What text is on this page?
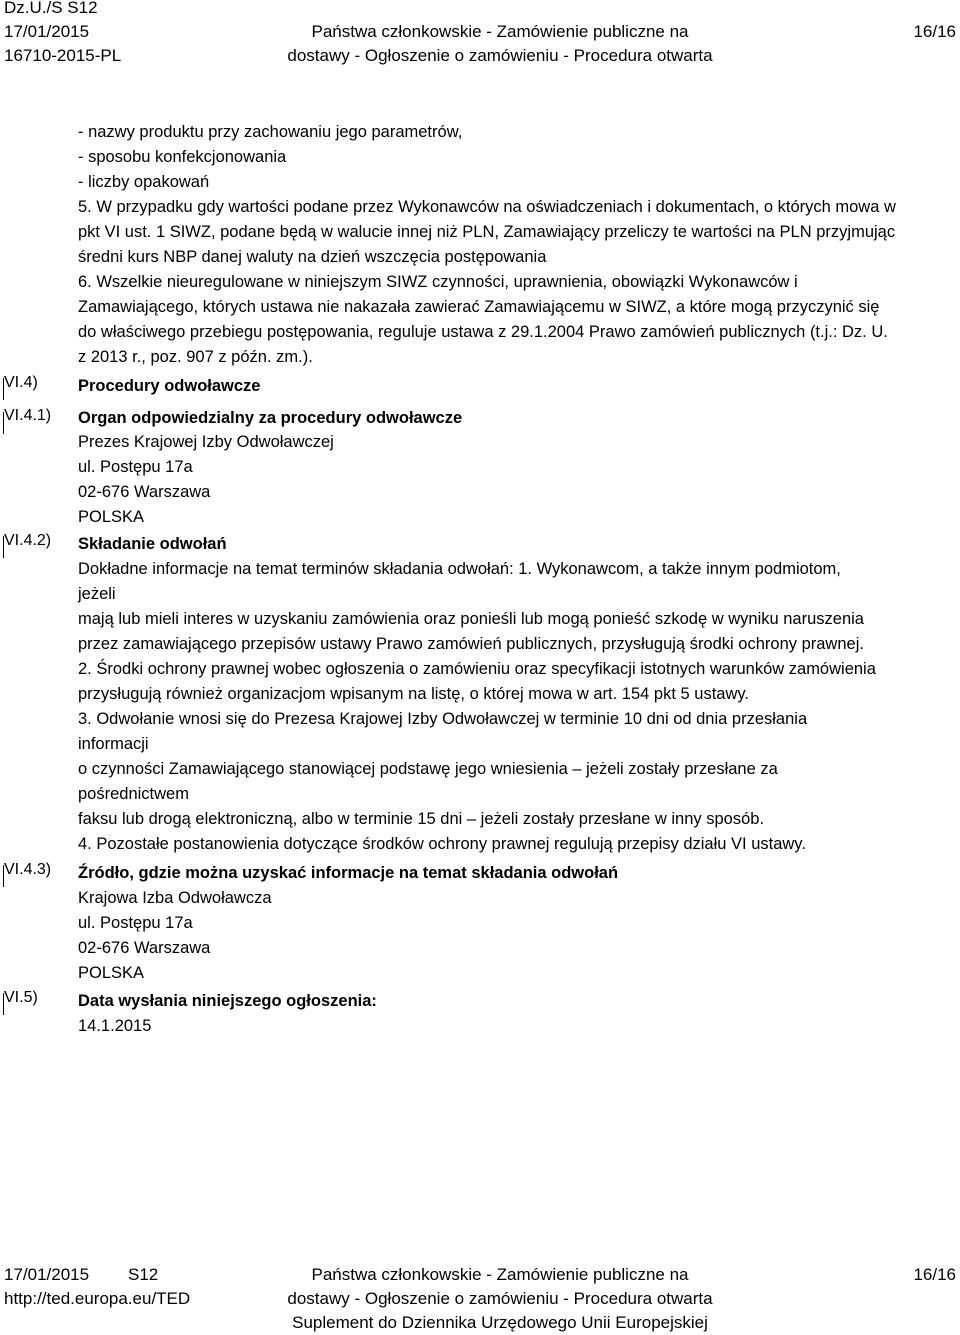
Dz.U./S S12
17/01/2015
16710-2015-PL
Państwa członkowskie - Zamówienie publiczne na
dostawy - Ogłoszenie o zamówieniu - Procedura otwarta
16/16
VI.4)
VI.4.1)
VI.4.2)
VI.4.3)
VI.5)
- nazwy produktu przy zachowaniu jego parametrów,
- sposobu konfekcjonowania
- liczby opakowań
5. W przypadku gdy wartości podane przez Wykonawców na oświadczeniach i dokumentach, o których mowa w
pkt VI ust. 1 SIWZ, podane będą w walucie innej niż PLN, Zamawiający przeliczy te wartości na PLN przyjmując
średni kurs NBP danej waluty na dzień wszczęcia postępowania
6. Wszelkie nieuregulowane w niniejszym SIWZ czynności, uprawnienia, obowiązki Wykonawców i
Zamawiającego, których ustawa nie nakazała zawierać Zamawiającemu w SIWZ, a które mogą przyczynić się
do właściwego przebiegu postępowania, reguluje ustawa z 29.1.2004 Prawo zamówień publicznych (t.j.: Dz. U.
z 2013 r., poz. 907 z późn. zm.).
Procedury odwoławcze
Organ odpowiedzialny za procedury odwoławcze
Prezes Krajowej Izby Odwoławczej
ul. Postępu 17a
02-676 Warszawa
POLSKA
Składanie odwołań
Dokładne informacje na temat terminów składania odwołań: 1. Wykonawcom, a także innym podmiotom,
jeżeli
mają lub mieli interes w uzyskaniu zamówienia oraz ponieśli lub mogą ponieść szkodę w wyniku naruszenia
przez zamawiającego przepisów ustawy Prawo zamówień publicznych, przysługują środki ochrony prawnej.
2. Środki ochrony prawnej wobec ogłoszenia o zamówieniu oraz specyfikacji istotnych warunków zamówienia
przysługują również organizacjom wpisanym na listę, o której mowa w art. 154 pkt 5 ustawy.
3. Odwołanie wnosi się do Prezesa Krajowej Izby Odwoławczej w terminie 10 dni od dnia przesłania
informacji
o czynności Zamawiającego stanowiącej podstawę jego wniesienia – jeżeli zostały przesłane za
pośrednictwem
faksu lub drogą elektroniczną, albo w terminie 15 dni – jeżeli zostały przesłane w inny sposób.
4. Pozostałe postanowienia dotyczące środków ochrony prawnej regulują przepisy działu VI ustawy.
Źródło, gdzie można uzyskać informacje na temat składania odwołań
Krajowa Izba Odwoławcza
ul. Postępu 17a
02-676 Warszawa
POLSKA
Data wysłania niniejszego ogłoszenia:
14.1.2015
17/01/2015 S12
http://ted.europa.eu/TED
Państwa członkowskie - Zamówienie publiczne na
dostawy - Ogłoszenie o zamówieniu - Procedura otwarta
Suplement do Dziennika Urzędowego Unii Europejskiej
16/16
